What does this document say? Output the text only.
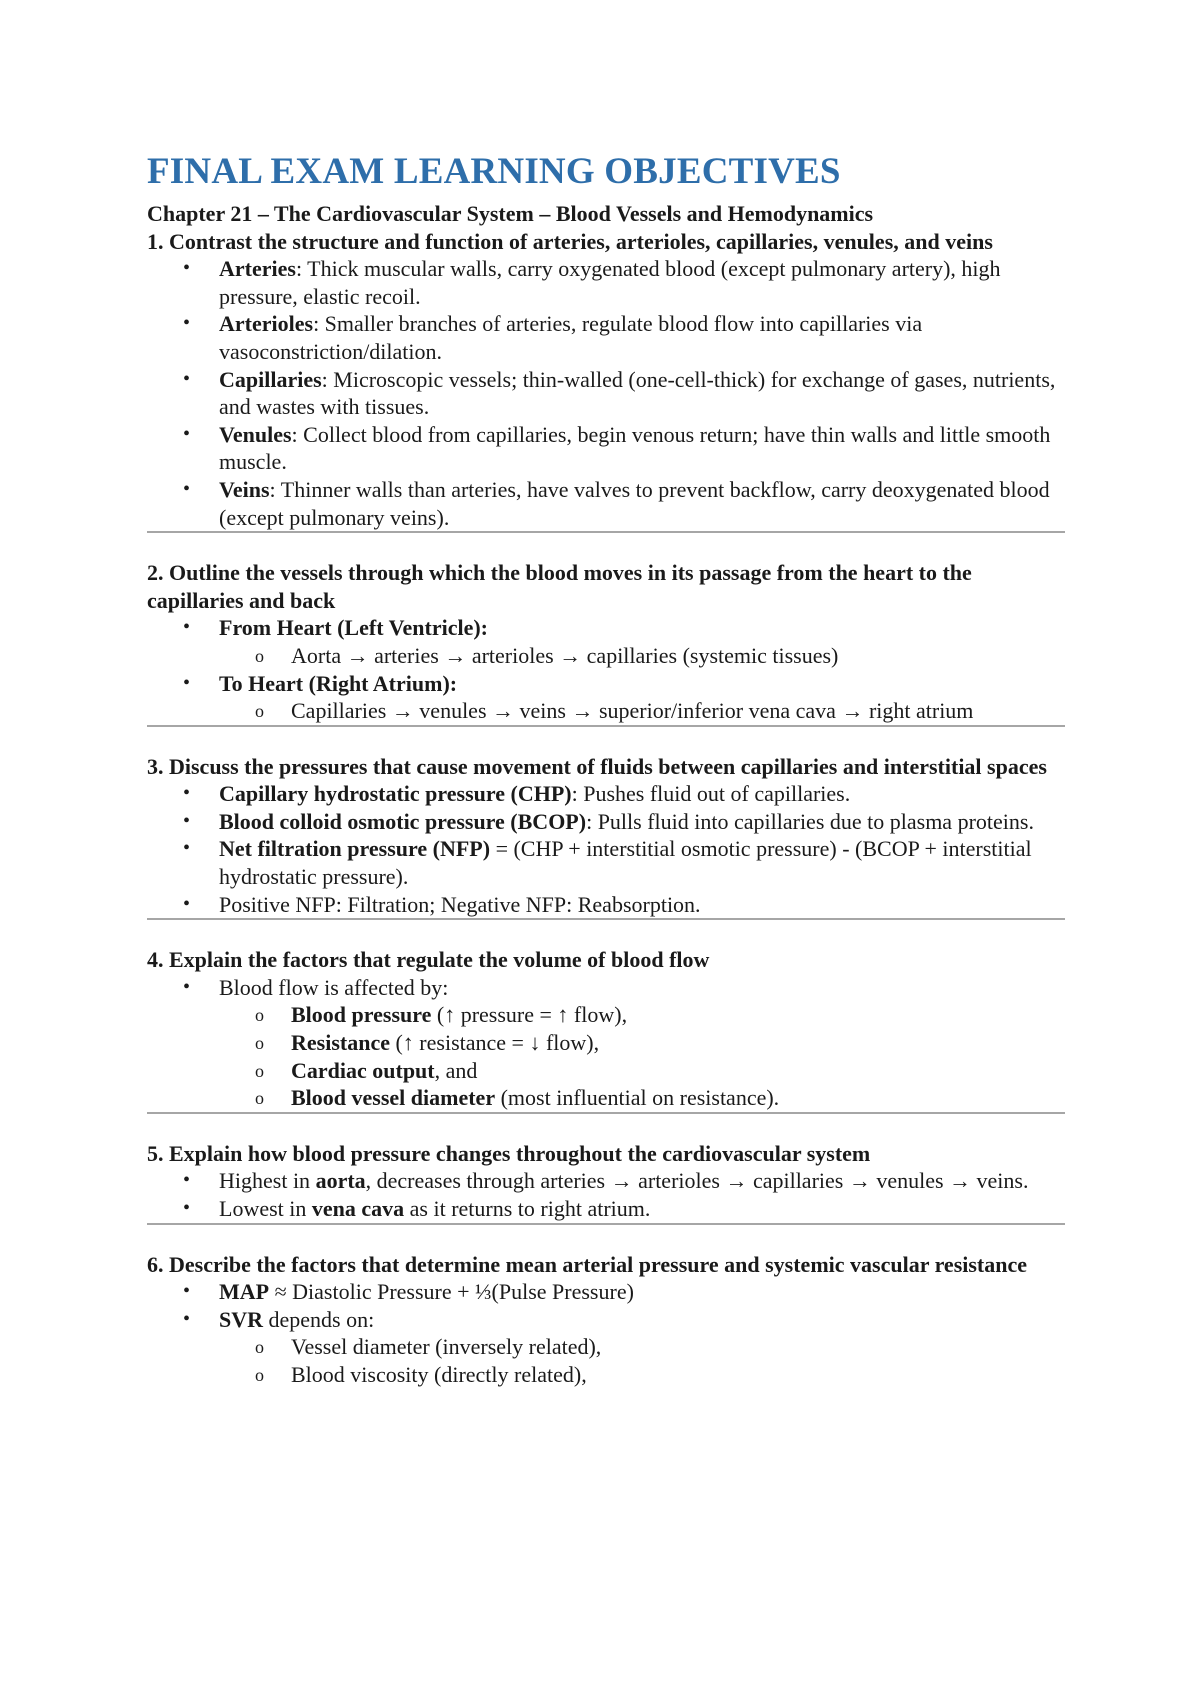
FINAL EXAM LEARNING OBJECTIVES

Chapter 21 – The Cardiovascular System – Blood Vessels and Hemodynamics

1. Contrast the structure and function of arteries, arterioles, capillaries, venules, and veins

• Arteries: Thick muscular walls, carry oxygenated blood (except pulmonary artery), high pressure, elastic recoil.
• Arterioles: Smaller branches of arteries, regulate blood flow into capillaries via vasoconstriction/dilation.
• Capillaries: Microscopic vessels; thin-walled (one-cell-thick) for exchange of gases, nutrients, and wastes with tissues.
• Venules: Collect blood from capillaries, begin venous return; have thin walls and little smooth muscle.
• Veins: Thinner walls than arteries, have valves to prevent backflow, carry deoxygenated blood (except pulmonary veins).

2. Outline the vessels through which the blood moves in its passage from the heart to the capillaries and back

• From Heart (Left Ventricle):
o Aorta → arteries → arterioles → capillaries (systemic tissues)
• To Heart (Right Atrium):
o Capillaries → venules → veins → superior/inferior vena cava → right atrium

3. Discuss the pressures that cause movement of fluids between capillaries and interstitial spaces

• Capillary hydrostatic pressure (CHP): Pushes fluid out of capillaries.
• Blood colloid osmotic pressure (BCOP): Pulls fluid into capillaries due to plasma proteins.
• Net filtration pressure (NFP) = (CHP + interstitial osmotic pressure) - (BCOP + interstitial hydrostatic pressure).
• Positive NFP: Filtration; Negative NFP: Reabsorption.

4. Explain the factors that regulate the volume of blood flow

• Blood flow is affected by:
o Blood pressure (↑ pressure = ↑ flow),
o Resistance (↑ resistance = ↓ flow),
o Cardiac output, and
o Blood vessel diameter (most influential on resistance).

5. Explain how blood pressure changes throughout the cardiovascular system

• Highest in aorta, decreases through arteries → arterioles → capillaries → venules → veins.
• Lowest in vena cava as it returns to right atrium.

6. Describe the factors that determine mean arterial pressure and systemic vascular resistance

• MAP ≈ Diastolic Pressure + ⅓(Pulse Pressure)
• SVR depends on:
o Vessel diameter (inversely related),
o Blood viscosity (directly related),
